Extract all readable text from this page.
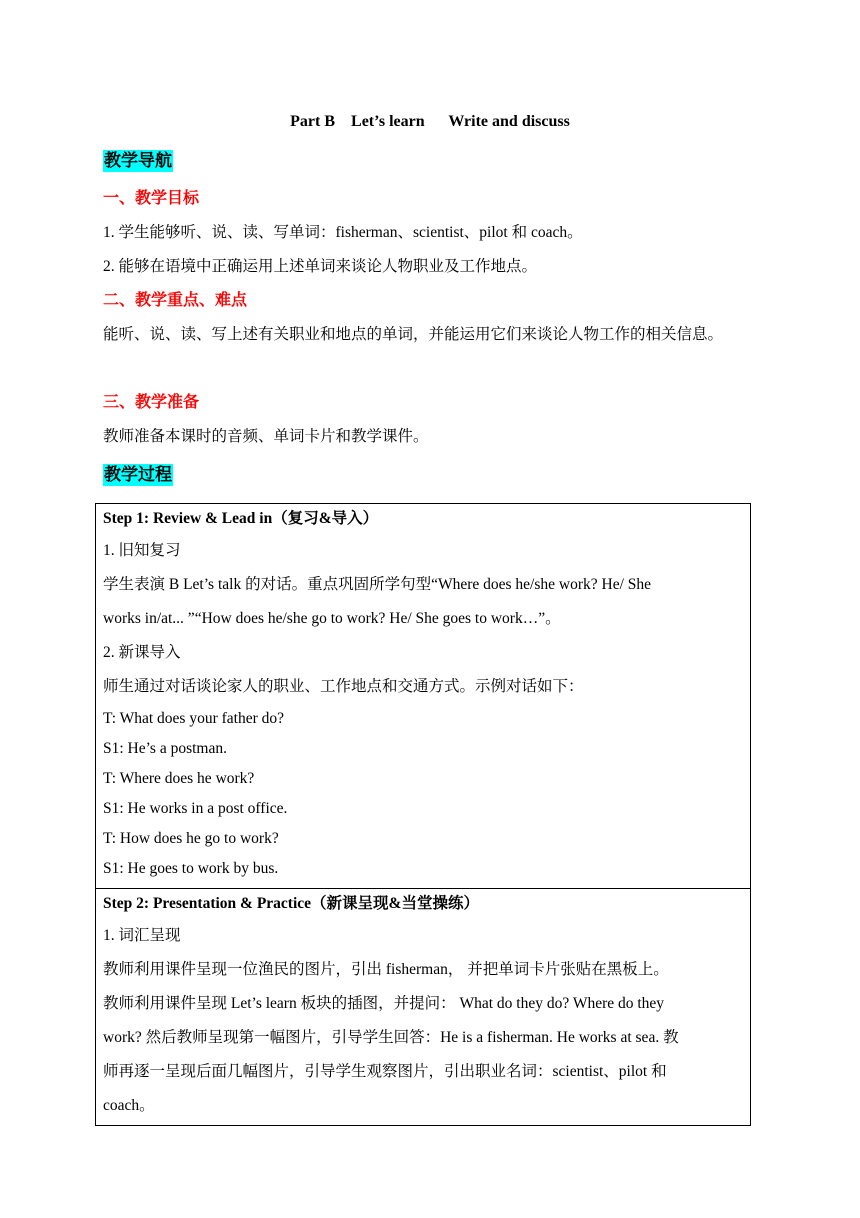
Part B    Let’s learn      Write and discuss
教学导航
一、教学目标
1. 学生能够听、说、读、写单词：fisherman、scientist、pilot 和 coach。
2. 能够在语境中正确运用上述单词来谈论人物职业及工作地点。
二、教学重点、难点
能听、说、读、写上述有关职业和地点的单词，并能运用它们来谈论人物工作的相关信息。
三、教学准备
教师准备本课时的音频、单词卡片和教学课件。
教学过程
Step 1: Review & Lead in（复习&导入）
1. 旧知复习
学生表演 B Let’s talk 的对话。重点巩固所学句型“Where does he/she work? He/ She
works in/at... ”“How does he/she go to work? He/ She goes to work…”。
2. 新课导入
师生通过对话谈论家人的职业、工作地点和交通方式。示例对话如下：
T: What does your father do?
S1: He’s a postman.
T: Where does he work?
S1: He works in a post office.
T: How does he go to work?
S1: He goes to work by bus.
Step 2: Presentation & Practice（新课呈现&当堂操练）
1. 词汇呈现
教师利用课件呈现一位渔民的图片，引出 fisherman， 并把单词卡片张贴在黑板上。
教师利用课件呈现 Let’s learn 板块的插图，并提问： What do they do? Where do they
work? 然后教师呈现第一幅图片，引导学生回答：He is a fisherman. He works at sea. 教
师再逐一呈现后面几幅图片，引导学生观察图片，引出职业名词：scientist、pilot 和
coach。
